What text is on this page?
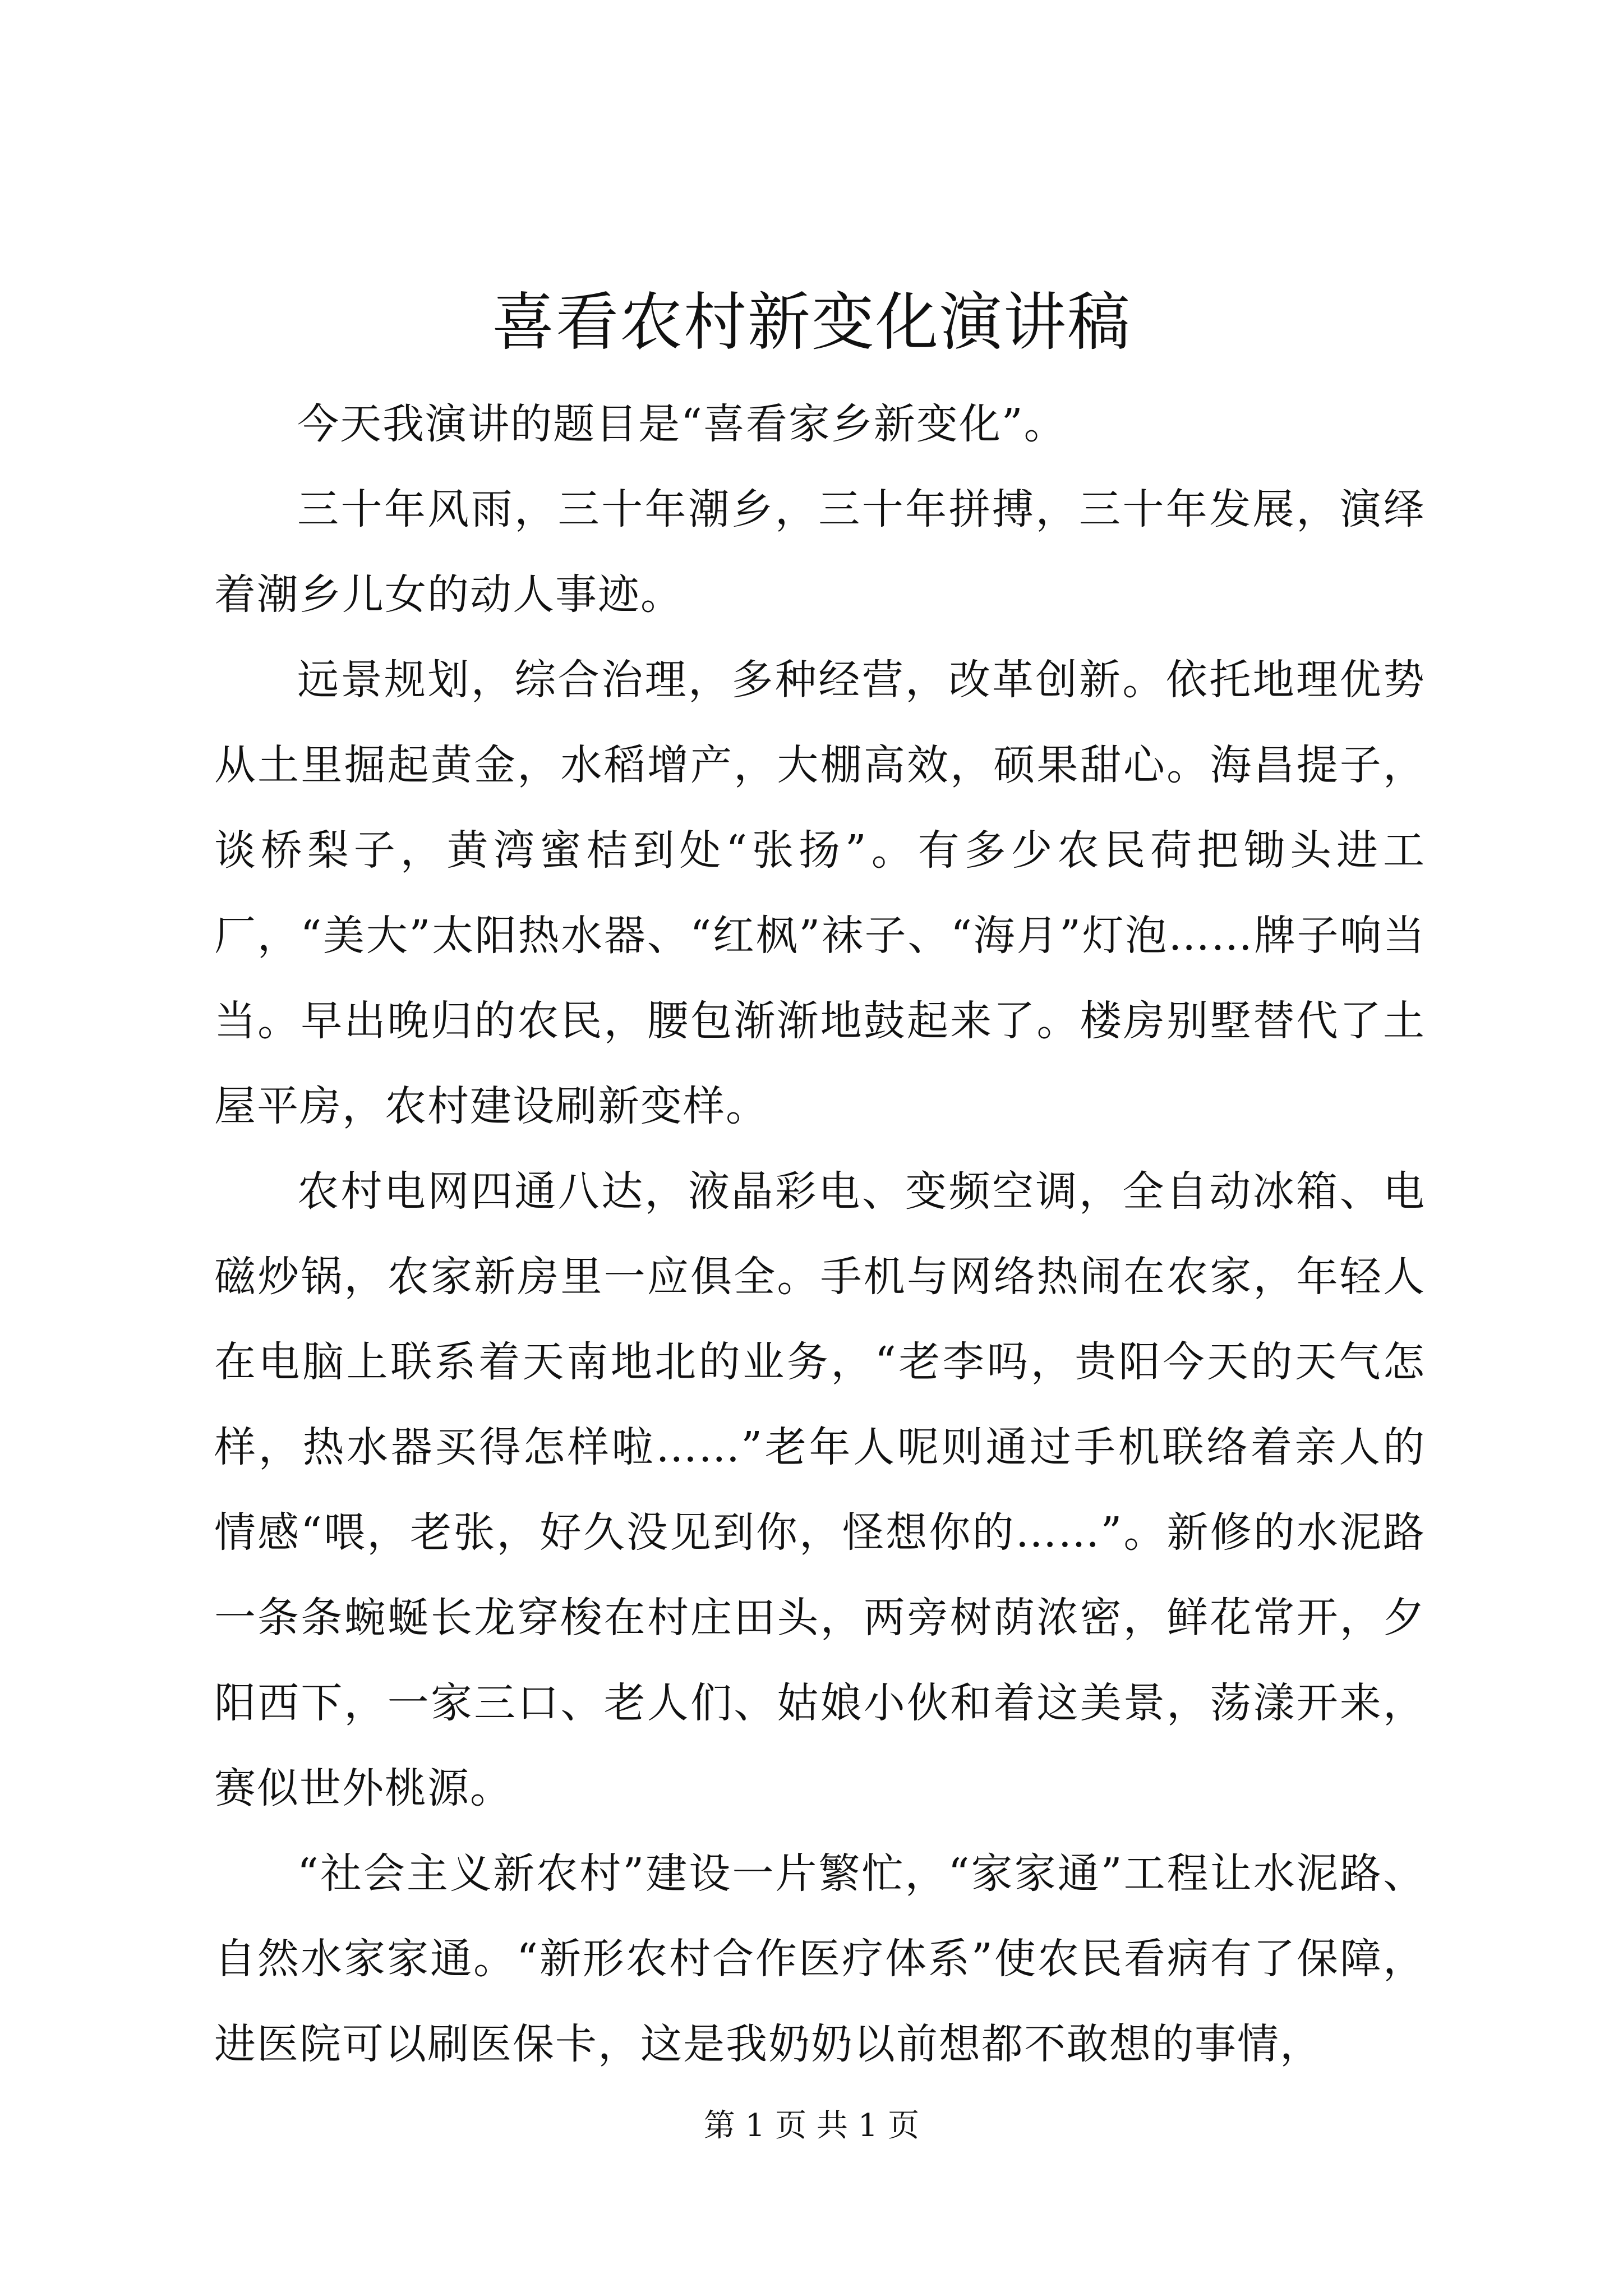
喜看农村新变化演讲稿

今天我演讲的题目是“喜看家乡新变化”。

三十年风雨，三十年潮乡，三十年拼搏，三十年发展，演绎着潮乡儿女的动人事迹。

远景规划，综合治理，多种经营，改革创新。依托地理优势从土里掘起黄金，水稻增产，大棚高效，硕果甜心。海昌提子，谈桥梨子，黄湾蜜桔到处“张扬”。有多少农民荷把锄头进工厂，“美大”太阳热水器、“红枫”袜子、“海月”灯泡……牌子响当当。早出晚归的农民，腰包渐渐地鼓起来了。楼房别墅替代了土屋平房，农村建设刷新变样。

农村电网四通八达，液晶彩电、变频空调，全自动冰箱、电磁炒锅，农家新房里一应俱全。手机与网络热闹在农家，年轻人在电脑上联系着天南地北的业务，“老李吗，贵阳今天的天气怎样，热水器买得怎样啦……”老年人呢则通过手机联络着亲人的情感“喂，老张，好久没见到你，怪想你的……”。新修的水泥路一条条蜿蜒长龙穿梭在村庄田头，两旁树荫浓密，鲜花常开，夕阳西下，一家三口、老人们、姑娘小伙和着这美景，荡漾开来，赛似世外桃源。

“社会主义新农村”建设一片繁忙，“家家通”工程让水泥路、自然水家家通。“新形农村合作医疗体系”使农民看病有了保障，进医院可以刷医保卡，这是我奶奶以前想都不敢想的事情，

第 1 页 共 1 页
